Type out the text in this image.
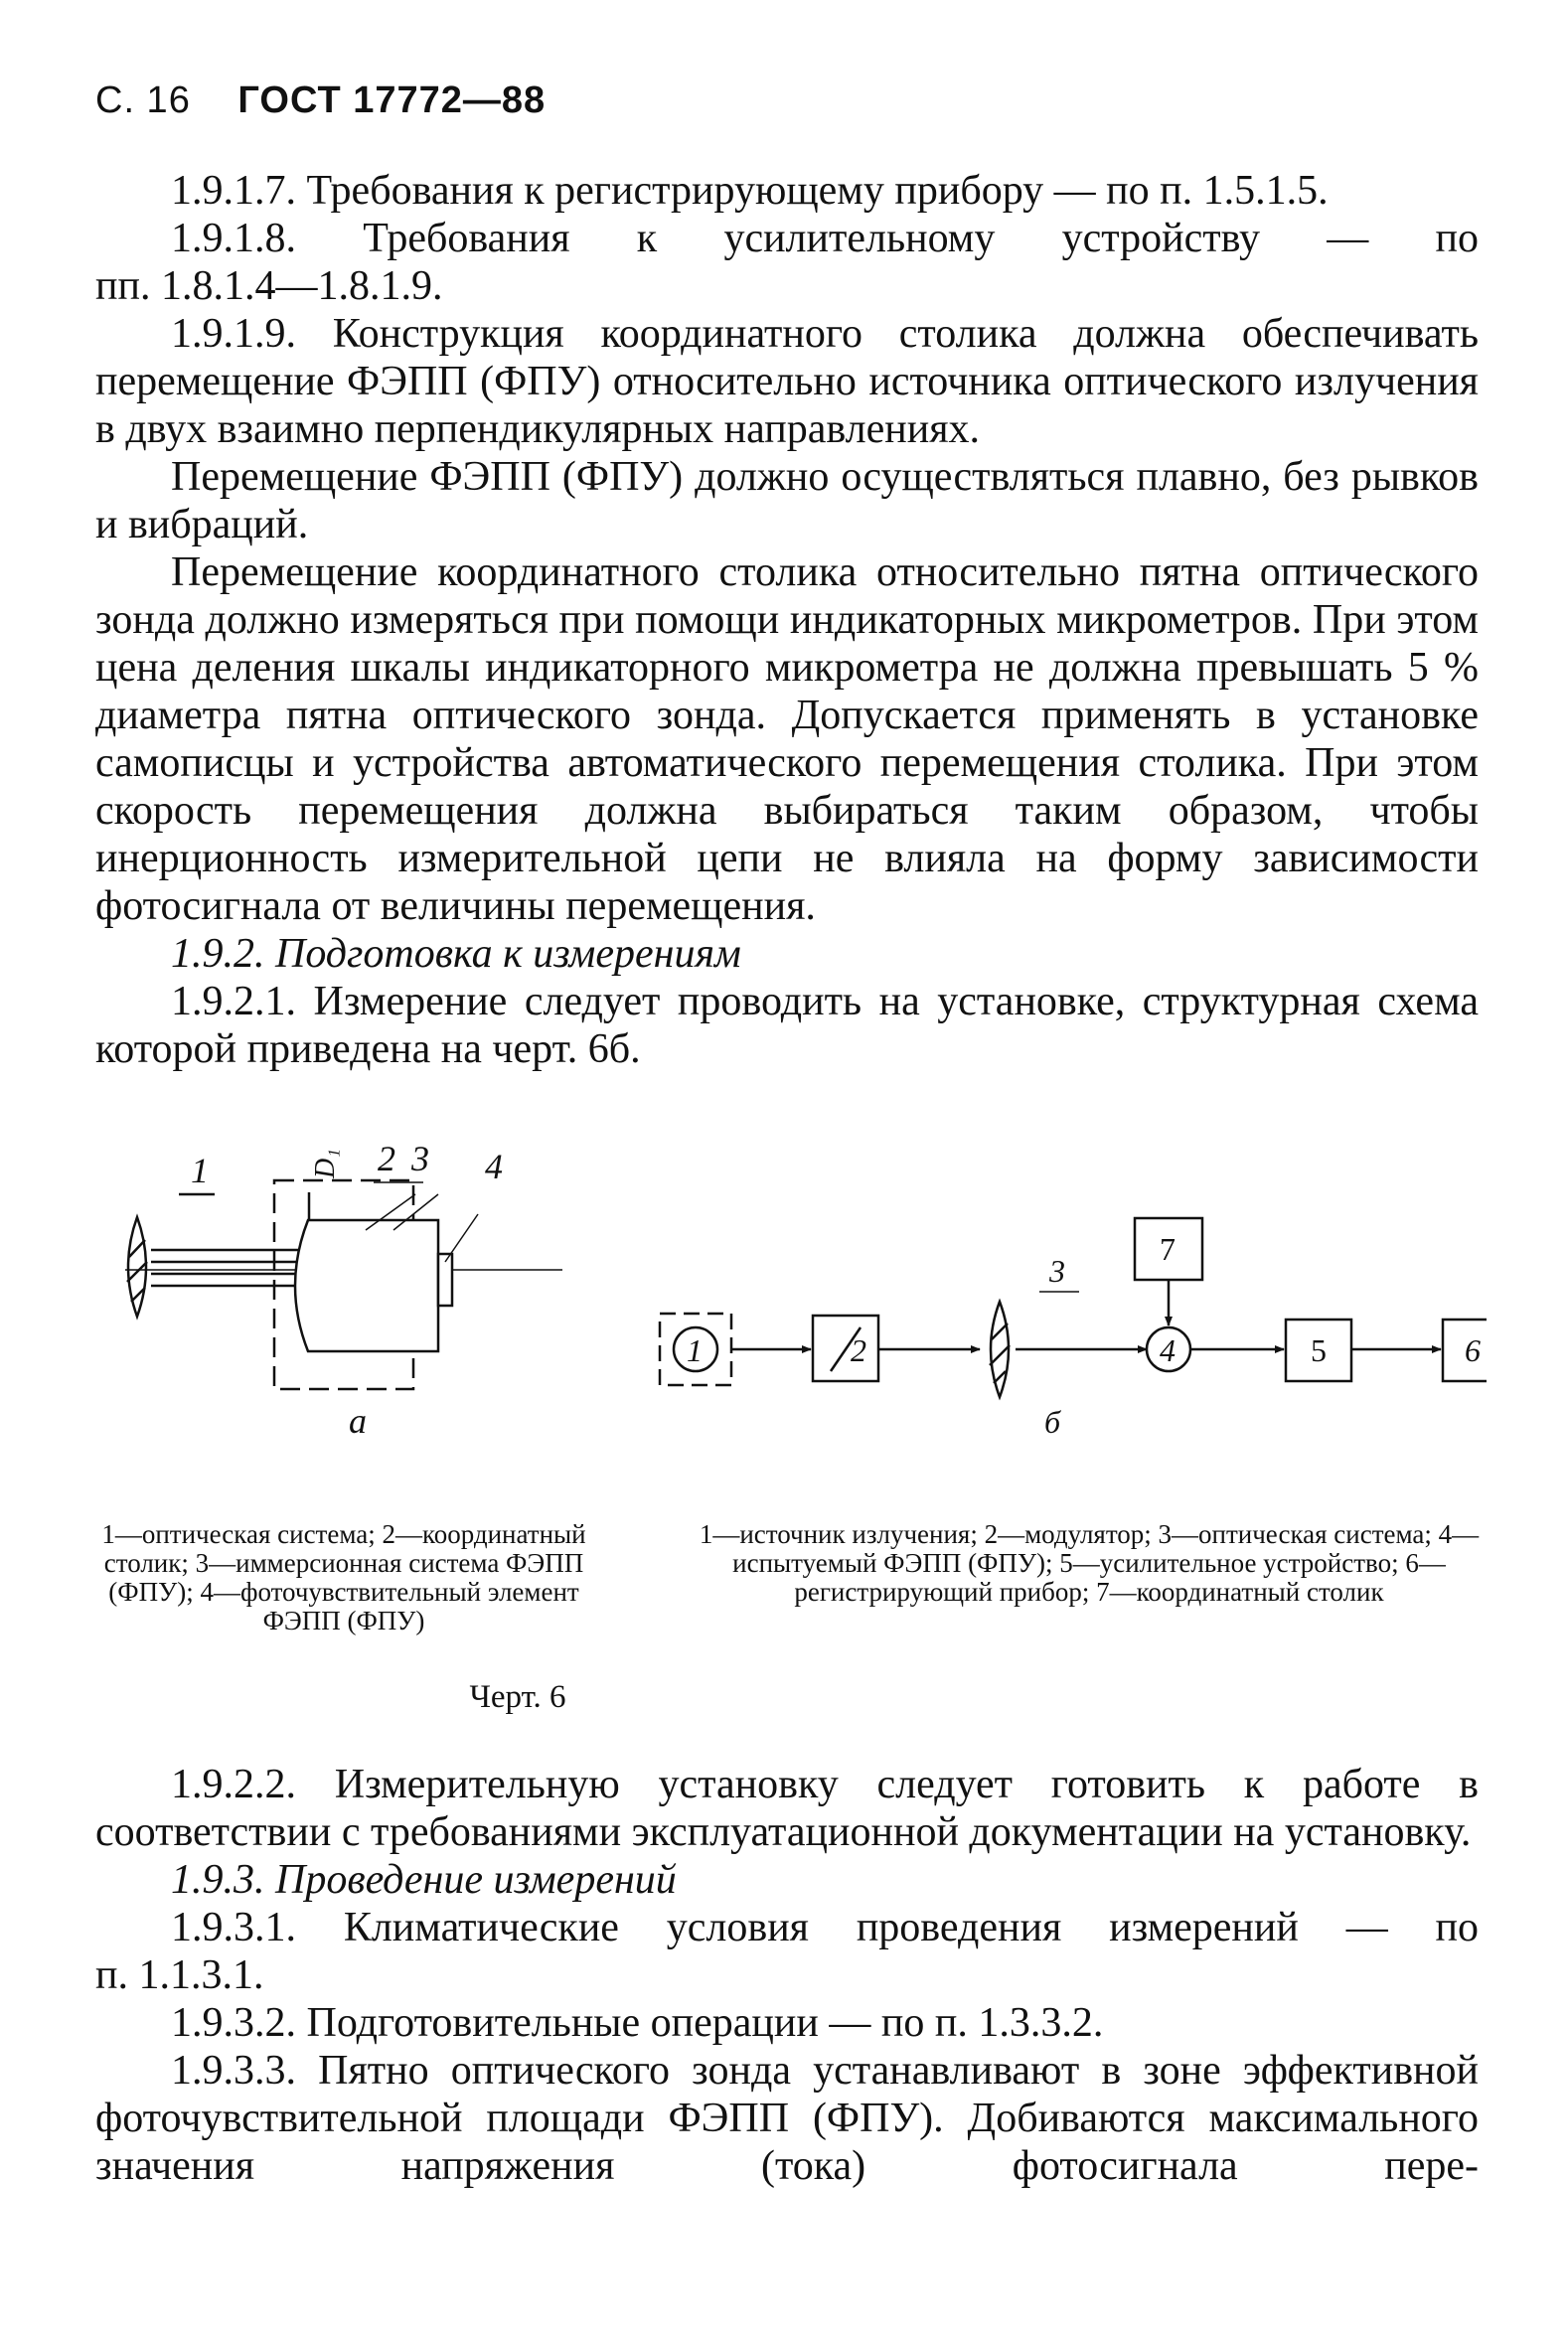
С. 16 ГОСТ 17772—88

1.9.1.7. Требования к регистрирующему прибору — по п. 1.5.1.5.

1.9.1.8. Требования к усилительному устройству — по

пп. 1.8.1.4—1.8.1.9.

1.9.1.9. Конструкция координатного столика должна обеспечивать перемещение ФЭПП (ФПУ) относительно источника оптического излучения в двух взаимно перпендикулярных направлениях.

Перемещение ФЭПП (ФПУ) должно осуществляться плавно, без рывков и вибраций.

Перемещение координатного столика относительно пятна оптического зонда должно измеряться при помощи индикаторных микрометров. При этом цена деления шкалы индикаторного микрометра не должна превышать 5 % диаметра пятна оптического зонда. Допускается применять в установке самописцы и устройства автоматического перемещения столика. При этом скорость перемещения должна выбираться таким образом, чтобы инерционность измерительной цепи не влияла на форму зависимости фотосигнала от величины перемещения.

1.9.2. Подготовка к измерениям

1.9.2.1. Измерение следует проводить на установке, структурная схема которой приведена на черт. 6б.

1	2 3 4
D₁
а
1	2
3
4	5	6
7
б
1—оптическая система; 2—координатный столик; 3—иммерсионная система ФЭПП (ФПУ); 4—фоточувствительный элемент ФЭПП (ФПУ)
1—источник излучения; 2—модулятор; 3—оптическая система; 4—испытуемый ФЭПП (ФПУ); 5—усилительное устройство; 6—регистрирующий прибор; 7—координатный столик
Черт. 6

1.9.2.2. Измерительную установку следует готовить к работе в соответствии с требованиями эксплуатационной документации на установку.

1.9.3. Проведение измерений

1.9.3.1. Климатические условия проведения измерений — по

п. 1.1.3.1.

1.9.3.2. Подготовительные операции — по п. 1.3.3.2.

1.9.3.3. Пятно оптического зонда устанавливают в зоне эффективной фоточувствительной площади ФЭПП (ФПУ). Добиваются максимального значения напряжения (тока) фотосигнала пере-
